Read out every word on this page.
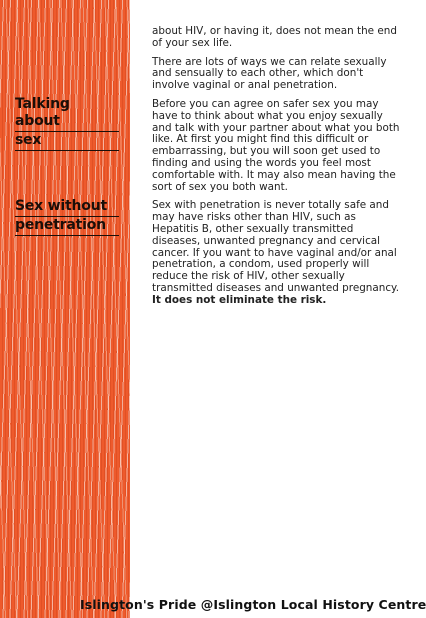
Talking about
sex
Sex without
penetration

about HIV, or having it, does not mean the end of your sex life.

There are lots of ways we can relate sexually and sensually to each other, which don't involve vaginal or anal penetration.

Before you can agree on safer sex you may have to think about what you enjoy sexually and talk with your partner about what you both like. At first you might find this difficult or embarrassing, but you will soon get used to finding and using the words you feel most comfortable with. It may also mean having the sort of sex you both want.

Sex with penetration is never totally safe and may have risks other than HIV, such as Hepatitis B, other sexually transmitted diseases, unwanted pregnancy and cervical cancer. If you want to have vaginal and/or anal penetration, a condom, used properly will reduce the risk of HIV, other sexually transmitted diseases and unwanted pregnancy. It does not eliminate the risk.

Islington's Pride @Islington Local History Centre
